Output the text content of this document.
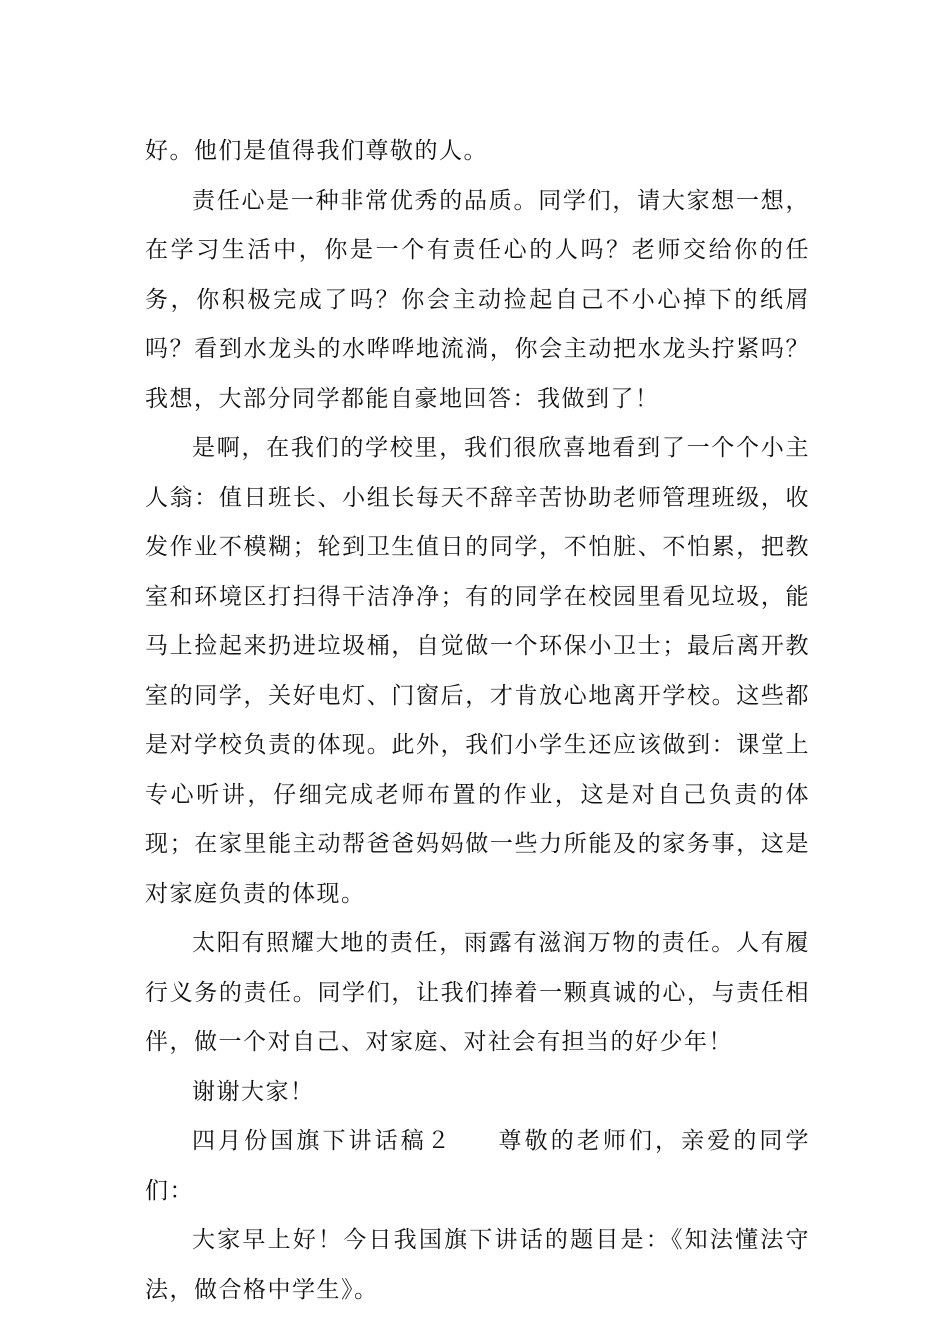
好。他们是值得我们尊敬的人。

责任心是一种非常优秀的品质。同学们，请大家想一想，在学习生活中，你是一个有责任心的人吗？老师交给你的任务，你积极完成了吗？你会主动捡起自己不小心掉下的纸屑吗？看到水龙头的水哗哗地流淌，你会主动把水龙头拧紧吗？我想，大部分同学都能自豪地回答：我做到了！

是啊，在我们的学校里，我们很欣喜地看到了一个个小主人翁：值日班长、小组长每天不辞辛苦协助老师管理班级，收发作业不模糊；轮到卫生值日的同学，不怕脏、不怕累，把教室和环境区打扫得干洁净净；有的同学在校园里看见垃圾，能马上捡起来扔进垃圾桶，自觉做一个环保小卫士；最后离开教室的同学，关好电灯、门窗后，才肯放心地离开学校。这些都是对学校负责的体现。此外，我们小学生还应该做到：课堂上专心听讲，仔细完成老师布置的作业，这是对自己负责的体现；在家里能主动帮爸爸妈妈做一些力所能及的家务事，这是对家庭负责的体现。

太阳有照耀大地的责任，雨露有滋润万物的责任。人有履行义务的责任。同学们，让我们捧着一颗真诚的心，与责任相伴，做一个对自己、对家庭、对社会有担当的好少年！

谢谢大家！

四月份国旗下讲话稿２ 尊敬的老师们，亲爱的同学们：

大家早上好！今日我国旗下讲话的题目是：《知法懂法守法，做合格中学生》。
